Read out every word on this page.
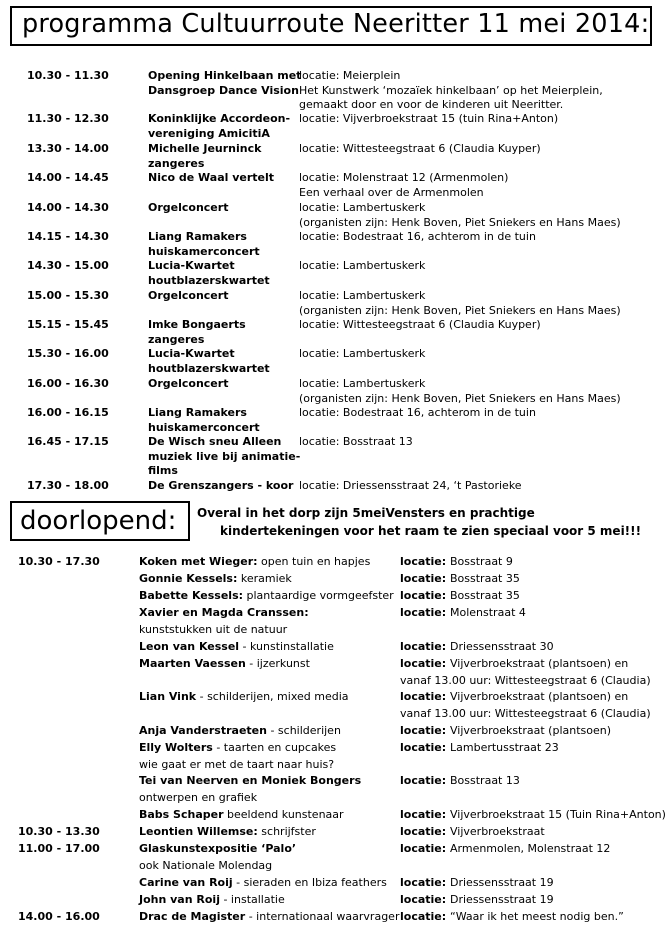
programma Cultuurroute Neeritter 11 mei 2014:
10.30 - 11.30	Opening Hinkelbaan met
Dansgroep Dance Vision
locatie: Meierplein
Het Kunstwerk ‘mozaïek hinkelbaan’ op het Meierplein,
gemaakt door en voor de kinderen uit Neeritter.
11.30 - 12.30	Koninklijke Accordeon-
vereniging AmicitiA
locatie: Vijverbroekstraat 15 (tuin Rina+Anton)
13.30 - 14.00	Michelle Jeurninck
zangeres
locatie: Wittesteegstraat 6 (Claudia Kuyper)
14.00 - 14.45	Nico de Waal vertelt locatie: Molenstraat 12 (Armenmolen)
Een verhaal over de Armenmolen
14.00 - 14.30	Orgelconcert	locatie: Lambertuskerk
(organisten zijn: Henk Boven, Piet Sniekers en Hans Maes)
14.15 - 14.30	Liang Ramakers
huiskamerconcert
locatie: Bodestraat 16, achterom in de tuin
14.30 - 15.00	Lucia-Kwartet
houtblazerskwartet
locatie: Lambertuskerk
15.00 - 15.30	Orgelconcert	locatie: Lambertuskerk
(organisten zijn: Henk Boven, Piet Sniekers en Hans Maes)
15.15 - 15.45	Imke Bongaerts
zangeres
locatie: Wittesteegstraat 6 (Claudia Kuyper)
15.30 - 16.00	Lucia-Kwartet
houtblazerskwartet
locatie: Lambertuskerk
16.00 - 16.30	Orgelconcert	locatie: Lambertuskerk
(organisten zijn: Henk Boven, Piet Sniekers en Hans Maes)
16.00 - 16.15	Liang Ramakers
huiskamerconcert
locatie: Bodestraat 16, achterom in de tuin
16.45 - 17.15	De Wisch sneu Alleen
muziek live bij animatie-
films
locatie: Bosstraat 13
17.30 - 18.00	De Grenszangers - koor locatie: Driessensstraat 24, ‘t Pastorieke
doorlopend: Overal in het dorp zijn 5meiVensters en prachtige
kindertekeningen voor het raam te zien speciaal voor 5 mei!!!
10.30 - 17.30	Koken met Wieger: open tuin en hapjes	locatie: Bosstraat 9
Gonnie Kessels: keramiek	locatie: Bosstraat 35
Babette Kessels: plantaardige vormgeefster locatie: Bosstraat 35
Xavier en Magda Cranssen:
kunststukken uit de natuur
locatie: Molenstraat 4
Leon van Kessel - kunstinstallatie	locatie: Driessensstraat 30
Maarten Vaessen - ijzerkunst	locatie: Vijverbroekstraat (plantsoen) en
vanaf 13.00 uur: Wittesteegstraat 6 (Claudia)
Lian Vink - schilderijen, mixed media	locatie: Vijverbroekstraat (plantsoen) en
vanaf 13.00 uur: Wittesteegstraat 6 (Claudia)
Anja Vanderstraeten - schilderijen	locatie: Vijverbroekstraat (plantsoen)
Elly Wolters - taarten en cupcakes
wie gaat er met de taart naar huis?
locatie: Lambertusstraat 23
Tei van Neerven en Moniek Bongers
ontwerpen en grafiek
locatie: Bosstraat 13
Babs Schaper beeldend kunstenaar	locatie: Vijverbroekstraat 15 (Tuin Rina+Anton)
10.30 - 13.30	Leontien Willemse: schrijfster	locatie: Vijverbroekstraat
11.00 - 17.00	Glaskunstexpositie ‘Palo’
ook Nationale Molendag
locatie: Armenmolen, Molenstraat 12
Carine van Roij - sieraden en Ibiza feathers locatie: Driessensstraat 19
John van Roij - installatie	locatie: Driessensstraat 19
14.00 - 16.00	Drac de Magister - internationaal waarvrager locatie: “Waar ik het meest nodig ben.”
